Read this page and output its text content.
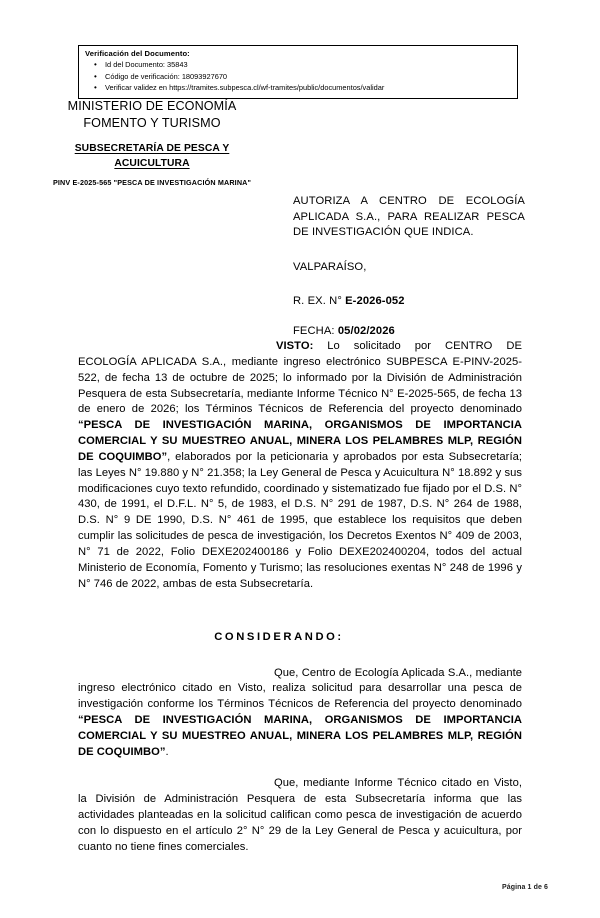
Verificación del Documento:
• Id del Documento: 35843
• Código de verificación: 18093927670
• Verificar validez en https://tramites.subpesca.cl/wf-tramites/public/documentos/validar
MINISTERIO DE ECONOMÍA
FOMENTO Y TURISMO
SUBSECRETARÍA DE PESCA Y
ACUICULTURA
PINV E-2025-565 "PESCA DE INVESTIGACIÓN MARINA"
AUTORIZA A CENTRO DE ECOLOGÍA APLICADA S.A., PARA REALIZAR PESCA DE INVESTIGACIÓN QUE INDICA.
VALPARAÍSO,
R. EX. N° E-2026-052
FECHA: 05/02/2026

VISTO: Lo solicitado por CENTRO DE ECOLOGÍA APLICADA S.A., mediante ingreso electrónico SUBPESCA E-PINV-2025-522, de fecha 13 de octubre de 2025; lo informado por la División de Administración Pesquera de esta Subsecretaría, mediante Informe Técnico N° E-2025-565, de fecha 13 de enero de 2026; los Términos Técnicos de Referencia del proyecto denominado “PESCA DE INVESTIGACIÓN MARINA, ORGANISMOS DE IMPORTANCIA COMERCIAL Y SU MUESTREO ANUAL, MINERA LOS PELAMBRES MLP, REGIÓN DE COQUIMBO”, elaborados por la peticionaria y aprobados por esta Subsecretaría; las Leyes N° 19.880 y N° 21.358; la Ley General de Pesca y Acuicultura N° 18.892 y sus modificaciones cuyo texto refundido, coordinado y sistematizado fue fijado por el D.S. N° 430, de 1991, el D.F.L. N° 5, de 1983, el D.S. N° 291 de 1987, D.S. N° 264 de 1988, D.S. N° 9 DE 1990, D.S. N° 461 de 1995, que establece los requisitos que deben cumplir las solicitudes de pesca de investigación, los Decretos Exentos N° 409 de 2003, N° 71 de 2022, Folio DEXE202400186 y Folio DEXE202400204, todos del actual Ministerio de Economía, Fomento y Turismo; las resoluciones exentas N° 248 de 1996 y N° 746 de 2022, ambas de esta Subsecretaría.

CONSIDERANDO:

Que, Centro de Ecología Aplicada S.A., mediante ingreso electrónico citado en Visto, realiza solicitud para desarrollar una pesca de investigación conforme los Términos Técnicos de Referencia del proyecto denominado “PESCA DE INVESTIGACIÓN MARINA, ORGANISMOS DE IMPORTANCIA COMERCIAL Y SU MUESTREO ANUAL, MINERA LOS PELAMBRES MLP, REGIÓN DE COQUIMBO”.

Que, mediante Informe Técnico citado en Visto, la División de Administración Pesquera de esta Subsecretaría informa que las actividades planteadas en la solicitud califican como pesca de investigación de acuerdo con lo dispuesto en el artículo 2° N° 29 de la Ley General de Pesca y acuicultura, por cuanto no tiene fines comerciales.

Página 1 de 6
